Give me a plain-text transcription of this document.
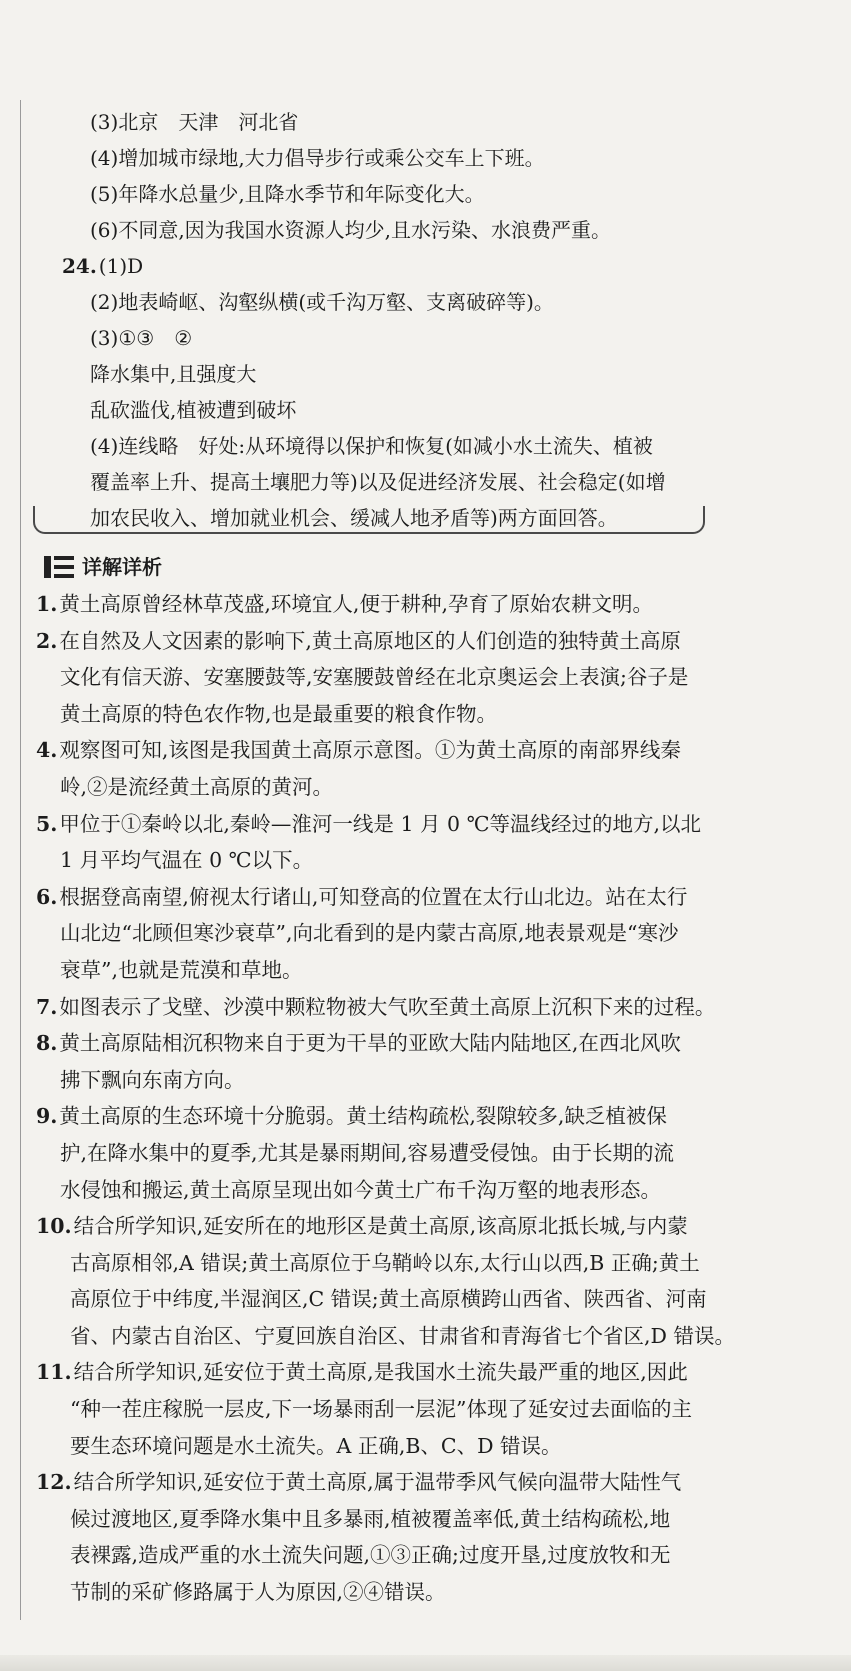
(3)北京　天津　河北省
(4)增加城市绿地,大力倡导步行或乘公交车上下班。
(5)年降水总量少,且降水季节和年际变化大。
(6)不同意,因为我国水资源人均少,且水污染、水浪费严重。
24. (1)D
(2)地表崎岖、沟壑纵横(或千沟万壑、支离破碎等)。
(3)①③　②
降水集中,且强度大
乱砍滥伐,植被遭到破坏
(4)连线略　好处:从环境得以保护和恢复(如减小水土流失、植被
覆盖率上升、提高土壤肥力等)以及促进经济发展、社会稳定(如增
加农民收入、增加就业机会、缓减人地矛盾等)两方面回答。
详解详析
1.黄土高原曾经林草茂盛,环境宜人,便于耕种,孕育了原始农耕文明。
2.在自然及人文因素的影响下,黄土高原地区的人们创造的独特黄土高原
文化有信天游、安塞腰鼓等,安塞腰鼓曾经在北京奥运会上表演;谷子是
黄土高原的特色农作物,也是最重要的粮食作物。
4.观察图可知,该图是我国黄土高原示意图。①为黄土高原的南部界线秦
岭,②是流经黄土高原的黄河。
5.甲位于①秦岭以北,秦岭—淮河一线是 1 月 0 ℃等温线经过的地方,以北
1 月平均气温在 0 ℃以下。
6.根据登高南望,俯视太行诸山,可知登高的位置在太行山北边。站在太行
山北边“北顾但寒沙衰草”,向北看到的是内蒙古高原,地表景观是“寒沙
衰草”,也就是荒漠和草地。
7.如图表示了戈壁、沙漠中颗粒物被大气吹至黄土高原上沉积下来的过程。
8.黄土高原陆相沉积物来自于更为干旱的亚欧大陆内陆地区,在西北风吹
拂下飘向东南方向。
9.黄土高原的生态环境十分脆弱。黄土结构疏松,裂隙较多,缺乏植被保
护,在降水集中的夏季,尤其是暴雨期间,容易遭受侵蚀。由于长期的流
水侵蚀和搬运,黄土高原呈现出如今黄土广布千沟万壑的地表形态。
10.结合所学知识,延安所在的地形区是黄土高原,该高原北抵长城,与内蒙
古高原相邻,A 错误;黄土高原位于乌鞘岭以东,太行山以西,B 正确;黄土
高原位于中纬度,半湿润区,C 错误;黄土高原横跨山西省、陕西省、河南
省、内蒙古自治区、宁夏回族自治区、甘肃省和青海省七个省区,D 错误。
11.结合所学知识,延安位于黄土高原,是我国水土流失最严重的地区,因此
“种一茬庄稼脱一层皮,下一场暴雨刮一层泥”体现了延安过去面临的主
要生态环境问题是水土流失。A 正确,B、C、D 错误。
12.结合所学知识,延安位于黄土高原,属于温带季风气候向温带大陆性气
候过渡地区,夏季降水集中且多暴雨,植被覆盖率低,黄土结构疏松,地
表裸露,造成严重的水土流失问题,①③正确;过度开垦,过度放牧和无
节制的采矿修路属于人为原因,②④错误。
